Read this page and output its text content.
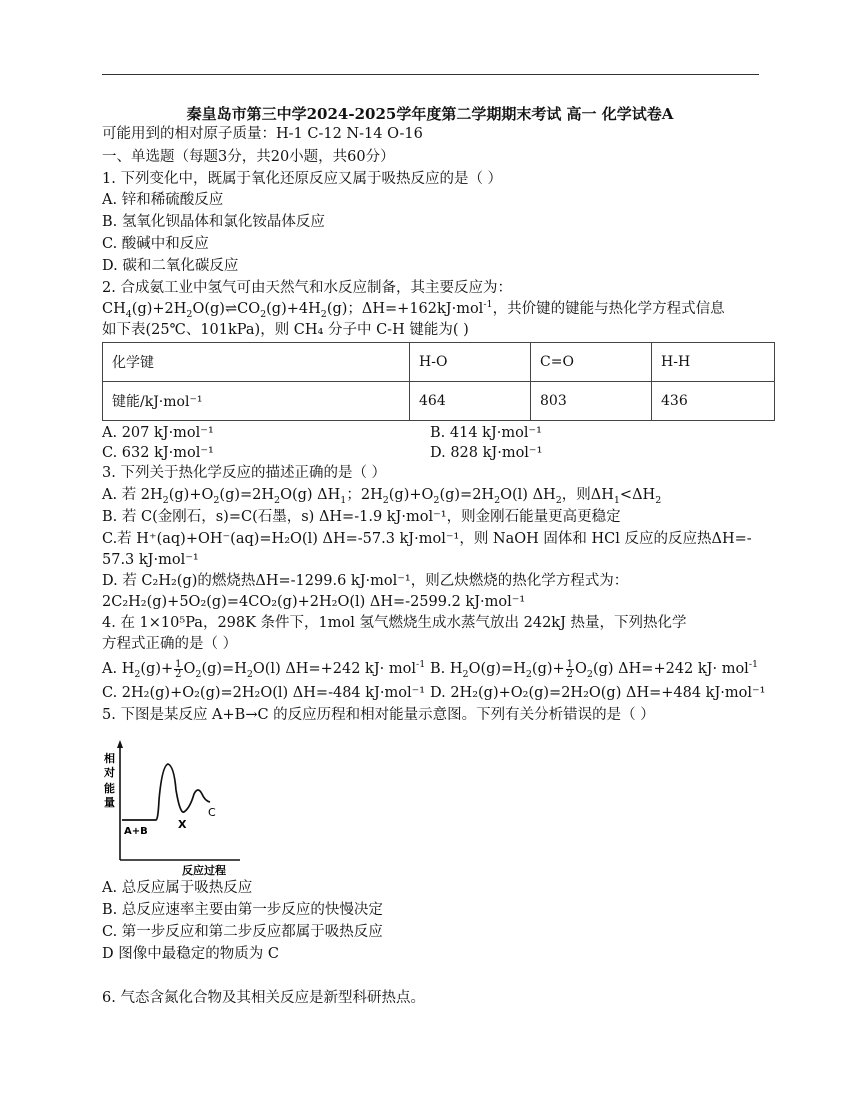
秦皇岛市第三中学2024-2025学年度第二学期期末考试 高一 化学试卷A
可能用到的相对原子质量：H-1 C-12 N-14 O-16
一、单选题（每题3分，共20小题，共60分）
1. 下列变化中，既属于氧化还原反应又属于吸热反应的是（ ）
A. 锌和稀硫酸反应
B. 氢氧化钡晶体和氯化铵晶体反应
C. 酸碱中和反应
D. 碳和二氧化碳反应
2. 合成氨工业中氢气可由天然气和水反应制备，其主要反应为：
$CH_4(g)+2H_2O(g)\rightleftharpoons CO_2(g)+4H_2(g)$；ΔH=+162kJ·mol$^{-1}$，共价键的键能与热化学方程式信息
如下表(25℃、101kPa)，则 CH₄ 分子中 C-H 键能为( )
化学键	H-O	C=O	H-H
键能/kJ·mol⁻¹	464	803	436
A. 207 kJ·mol⁻¹	B. 414 kJ·mol⁻¹
C. 632 kJ·mol⁻¹	D. 828 kJ·mol⁻¹
3. 下列关于热化学反应的描述正确的是（ ）
A. 若 $2H_2(g)+O_2(g)=2H_2O(g)$ $\Delta H_1$；$2H_2(g)+O_2(g)=2H_2O(l)$ $\Delta H_2$，则$\Delta H_1<\Delta H_2$
B. 若 C(金刚石，s)=C(石墨，s) ΔH=-1.9 kJ·mol⁻¹，则金刚石能量更高更稳定
C.若 H⁺(aq)+OH⁻(aq)=H₂O(l) ΔH=-57.3 kJ·mol⁻¹，则 NaOH 固体和 HCl 反应的反应热ΔH=-
57.3 kJ·mol⁻¹
D. 若 C₂H₂(g)的燃烧热ΔH=-1299.6 kJ·mol⁻¹，则乙炔燃烧的热化学方程式为：
2C₂H₂(g)+5O₂(g)=4CO₂(g)+2H₂O(l) ΔH=-2599.2 kJ·mol⁻¹
4. 在 1×10⁵Pa，298K 条件下，1mol 氢气燃烧生成水蒸气放出 242kJ 热量，下列热化学
方程式正确的是（ ）
A. $H_2(g)+ \frac{1}{2} O_2(g)=H_2O(l)$ ΔH=+242 kJ· mol$^{-1}$ B. $H_2O(g)=H_2(g)+ \frac{1}{2} O_2(g)$ ΔH=+242 kJ· mol$^{-1}$
C. 2H₂(g)+O₂(g)=2H₂O(l) ΔH=-484 kJ·mol⁻¹ D. 2H₂(g)+O₂(g)=2H₂O(g) ΔH=+484 kJ·mol⁻¹
5. 下图是某反应 A+B→C 的反应历程和相对能量示意图。下列有关分析错误的是（ ）
相
对
能
量
A+B
X
C
反应过程
A. 总反应属于吸热反应
B. 总反应速率主要由第一步反应的快慢决定
C. 第一步反应和第二步反应都属于吸热反应
D 图像中最稳定的物质为 C
6. 气态含氮化合物及其相关反应是新型科研热点。
